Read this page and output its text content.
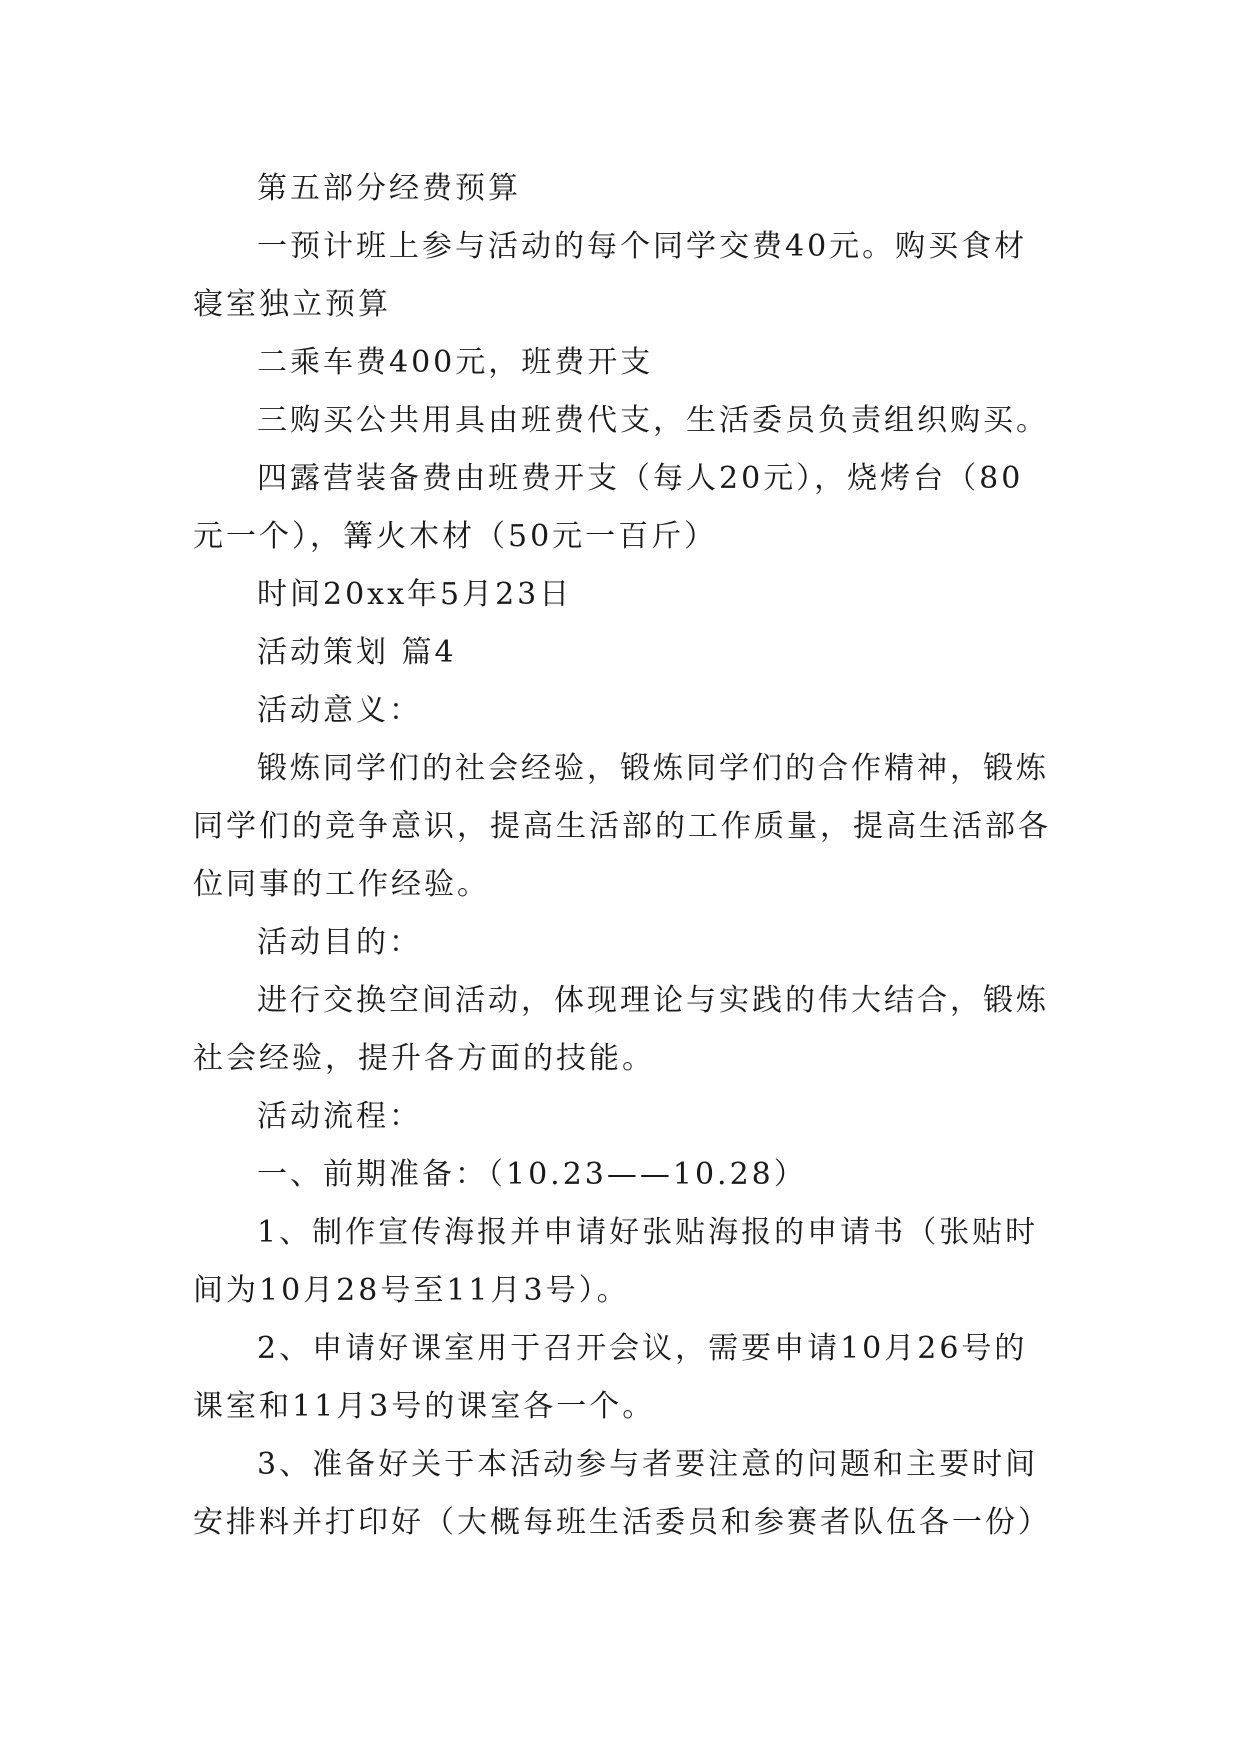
第五部分经费预算

一预计班上参与活动的每个同学交费40元。购买食材寝室独立预算

二乘车费400元，班费开支

三购买公共用具由班费代支，生活委员负责组织购买。

四露营装备费由班费开支（每人20元），烧烤台（80元一个），篝火木材（50元一百斤）

时间20xx年5月23日

活动策划 篇4

活动意义：

锻炼同学们的社会经验，锻炼同学们的合作精神，锻炼同学们的竞争意识，提高生活部的工作质量，提高生活部各位同事的工作经验。

活动目的：

进行交换空间活动，体现理论与实践的伟大结合，锻炼社会经验，提升各方面的技能。

活动流程：

一、前期准备：（10.23——10.28）

1、制作宣传海报并申请好张贴海报的申请书（张贴时间为10月28号至11月3号）。

2、申请好课室用于召开会议，需要申请10月26号的课室和11月3号的课室各一个。

3、准备好关于本活动参与者要注意的问题和主要时间安排料并打印好（大概每班生活委员和参赛者队伍各一份）
